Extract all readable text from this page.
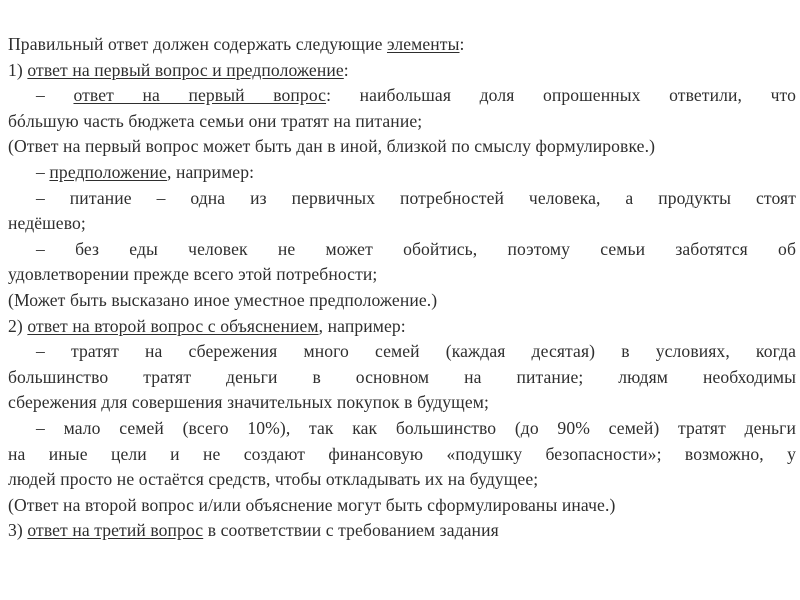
Правильный ответ должен содержать следующие элементы:
1) ответ на первый вопрос и предположение:
– ответ на первый вопрос: наибольшая доля опрошенных ответили, что
бóльшую часть бюджета семьи они тратят на питание;
(Ответ на первый вопрос может быть дан в иной, близкой по смыслу формулировке.)
– предположение, например:
– питание – одна из первичных потребностей человека, а продукты стоят
недёшево;
– без еды человек не может обойтись, поэтому семьи заботятся об
удовлетворении прежде всего этой потребности;
(Может быть высказано иное уместное предположение.)
2) ответ на второй вопрос с объяснением, например:
– тратят на сбережения много семей (каждая десятая) в условиях, когда
большинство тратят деньги в основном на питание; людям необходимы
сбережения для совершения значительных покупок в будущем;
– мало семей (всего 10%), так как большинство (до 90% семей) тратят деньги
на иные цели и не создают финансовую «подушку безопасности»; возможно, у
людей просто не остаётся средств, чтобы откладывать их на будущее;
(Ответ на второй вопрос и/или объяснение могут быть сформулированы иначе.)
3) ответ на третий вопрос в соответствии с требованием задания
